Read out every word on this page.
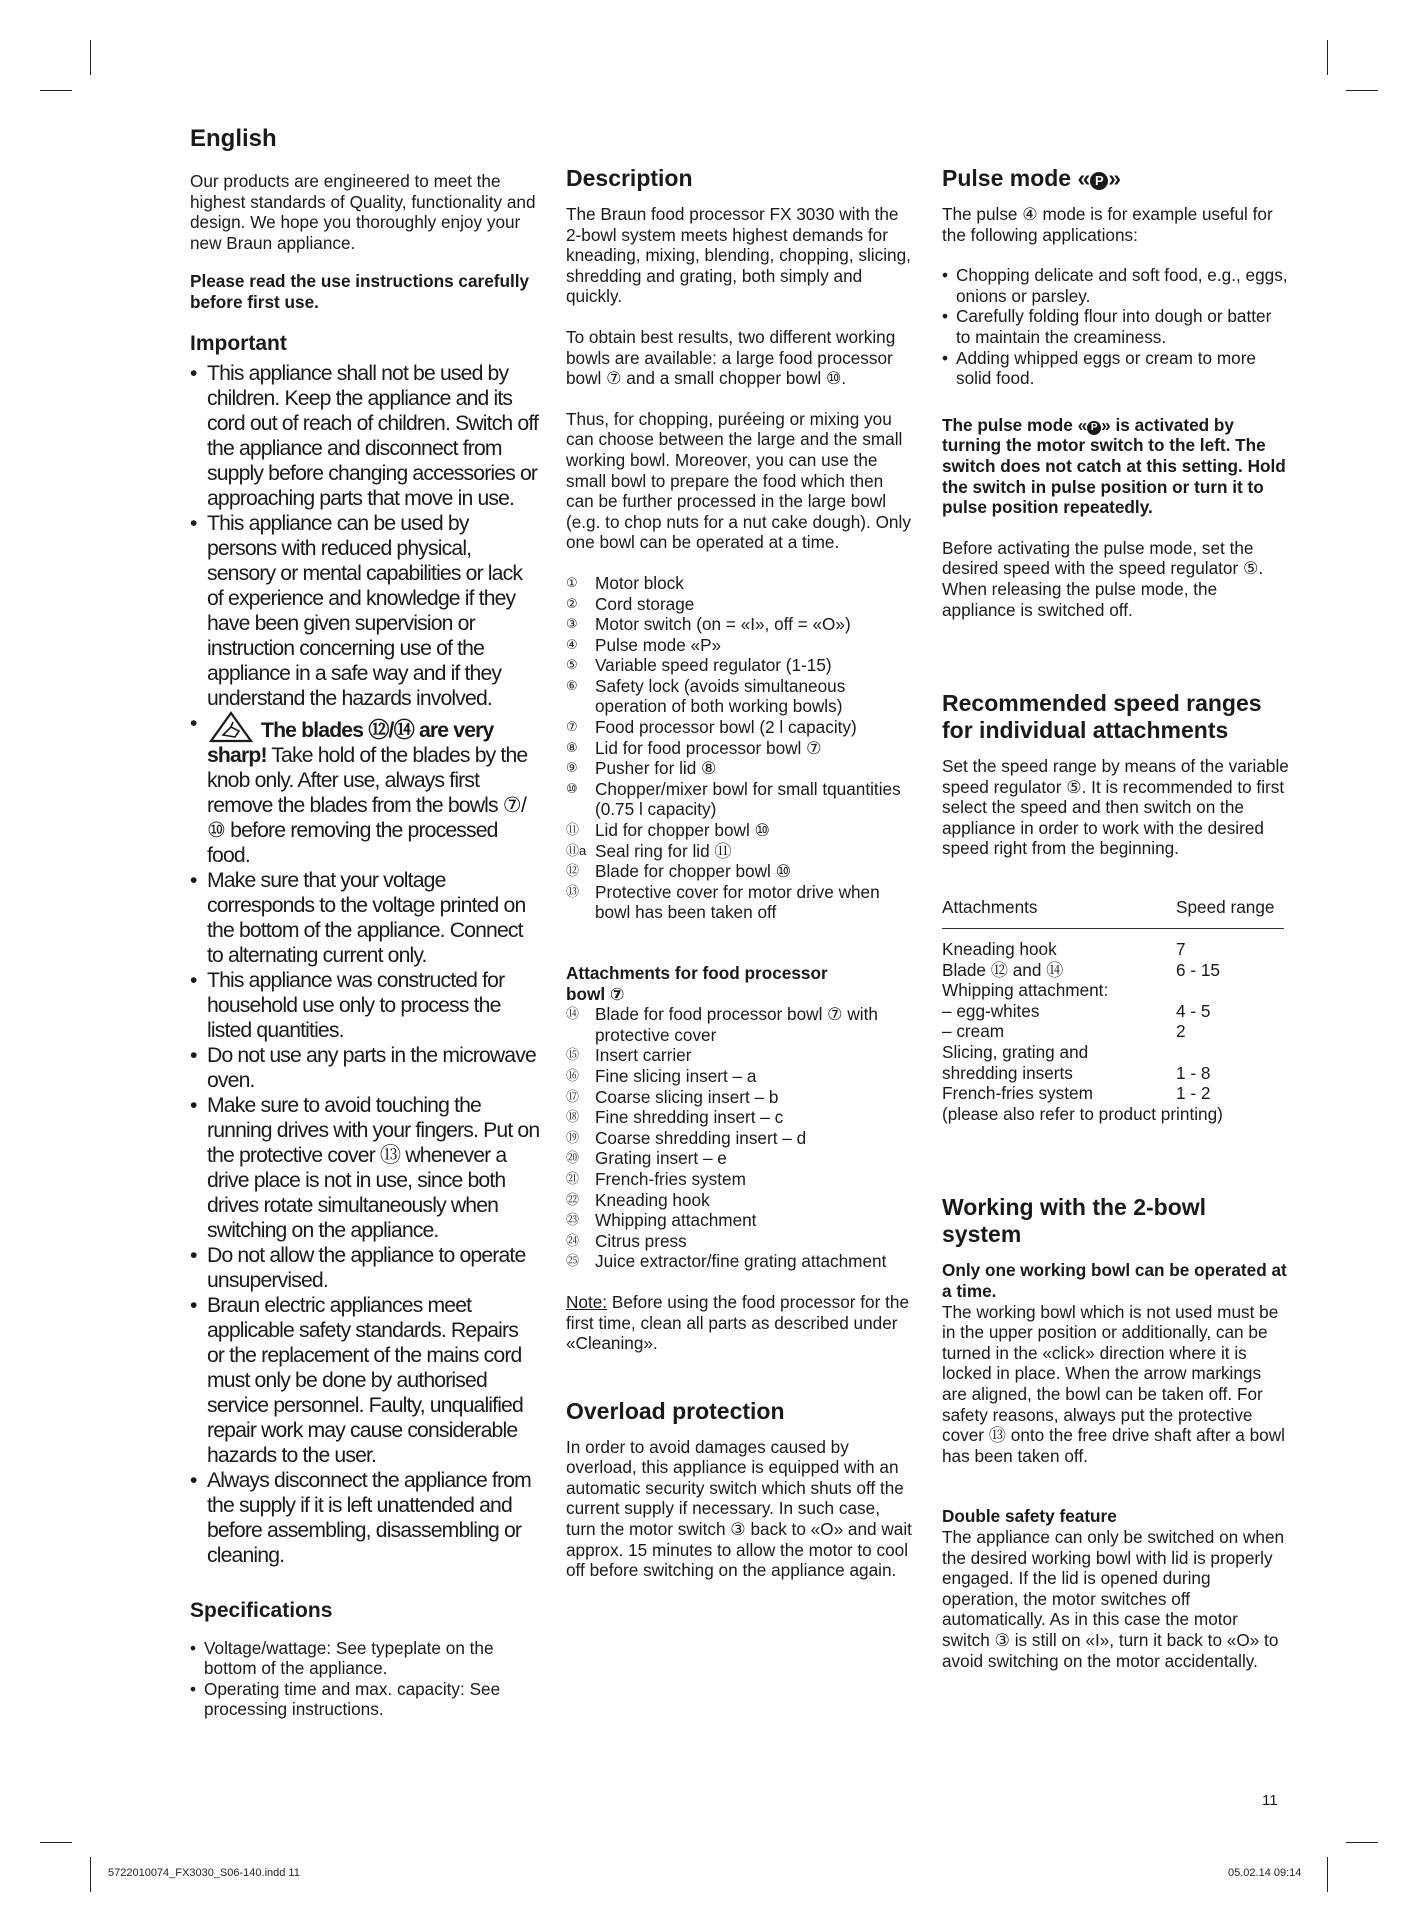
English

Our products are engineered to meet the highest standards of Quality, functionality and design. We hope you thoroughly enjoy your new Braun appliance.

Please read the use instructions carefully before first use.

Important
• This appliance shall not be used by children. Keep the appliance and its cord out of reach of children. Switch off the appliance and disconnect from supply before changing accessories or approaching parts that move in use.
• This appliance can be used by persons with reduced physical, sensory or mental capabilities or lack of experience and knowledge if they have been given supervision or instruction concerning use of the appliance in a safe way and if they understand the hazards involved.
• The blades ⑫/⑭ are very sharp! Take hold of the blades by the knob only. After use, always first remove the blades from the bowls ⑦/⑩ before removing the processed food.
• Make sure that your voltage corresponds to the voltage printed on the bottom of the appliance. Connect to alternating current only.
• This appliance was constructed for household use only to process the listed quantities.
• Do not use any parts in the microwave oven.
• Make sure to avoid touching the running drives with your fingers. Put on the protective cover ⑬ whenever a drive place is not in use, since both drives rotate simultaneously when switching on the appliance.
• Do not allow the appliance to operate unsupervised.
• Braun electric appliances meet applicable safety standards. Repairs or the replacement of the mains cord must only be done by authorised service personnel. Faulty, unqualified repair work may cause considerable hazards to the user.
• Always disconnect the appliance from the supply if it is left unattended and before assembling, disassembling or cleaning.
Specifications
• Voltage/wattage: See typeplate on the bottom of the appliance.
• Operating time and max. capacity: See processing instructions.
Description

The Braun food processor FX 3030 with the 2-bowl system meets highest demands for kneading, mixing, blending, chopping, slicing, shredding and grating, both simply and quickly.

To obtain best results, two different working bowls are available: a large food processor bowl ⑦ and a small chopper bowl ⑩.

Thus, for chopping, puréeing or mixing you can choose between the large and the small working bowl. Moreover, you can use the small bowl to prepare the food which then can be further processed in the large bowl (e.g. to chop nuts for a nut cake dough). Only one bowl can be operated at a time.

① Motor block
② Cord storage
③ Motor switch (on = «I», off = «O»)
④ Pulse mode «P»
⑤ Variable speed regulator (1-15)
⑥ Safety lock (avoids simultaneous operation of both working bowls)
⑦ Food processor bowl (2 l capacity)
⑧ Lid for food processor bowl ⑦
⑨ Pusher for lid ⑧
⑩ Chopper/mixer bowl for small tquantities (0.75 l capacity)
⑪ Lid for chopper bowl ⑩
⑪a Seal ring for lid ⑪
⑫ Blade for chopper bowl ⑩
⑬ Protective cover for motor drive when bowl has been taken off

Attachments for food processor bowl ⑦

⑭ Blade for food processor bowl ⑦ with protective cover
⑮ Insert carrier
⑯ Fine slicing insert – a
⑰ Coarse slicing insert – b
⑱ Fine shredding insert – c
⑲ Coarse shredding insert – d
⑳ Grating insert – e
㉑ French-fries system
㉒ Kneading hook
㉓ Whipping attachment
㉔ Citrus press
㉕ Juice extractor/fine grating attachment

Note: Before using the food processor for the first time, clean all parts as described under «Cleaning».

Overload protection

In order to avoid damages caused by overload, this appliance is equipped with an automatic security switch which shuts off the current supply if necessary. In such case, turn the motor switch ③ back to «O» and wait approx. 15 minutes to allow the motor to cool off before switching on the appliance again.

Pulse mode « P »

The pulse ④ mode is for example useful for the following applications:

• Chopping delicate and soft food, e.g., eggs, onions or parsley.
• Carefully folding flour into dough or batter to maintain the creaminess.
• Adding whipped eggs or cream to more solid food.

The pulse mode « P » is activated by turning the motor switch to the left. The switch does not catch at this setting. Hold the switch in pulse position or turn it to pulse position repeatedly.

Before activating the pulse mode, set the desired speed with the speed regulator ⑤. When releasing the pulse mode, the appliance is switched off.

Recommended speed ranges for individual attachments

Set the speed range by means of the variable speed regulator ⑤. It is recommended to first select the speed and then switch on the appliance in order to work with the desired speed right from the beginning.

Attachments	Speed range
Kneading hook	7
Blade ⑫ and ⑭	6 - 15
Whipping attachment:	
– egg-whites	4 - 5
– cream	2
Slicing, grating and	
shredding inserts	1 - 8
French-fries system	1 - 2

(please also refer to product printing)

Working with the 2-bowl system

Only one working bowl can be operated at a time.

The working bowl which is not used must be in the upper position or additionally, can be turned in the «click» direction where it is locked in place. When the arrow markings are aligned, the bowl can be taken off. For safety reasons, always put the protective cover ⑬ onto the free drive shaft after a bowl has been taken off.

Double safety feature

The appliance can only be switched on when the desired working bowl with lid is properly engaged. If the lid is opened during operation, the motor switches off automatically. As in this case the motor switch ③ is still on «I», turn it back to «O» to avoid switching on the motor accidentally.

11
5722010074_FX3030_S06-140.indd 11	05.02.14 09:14
